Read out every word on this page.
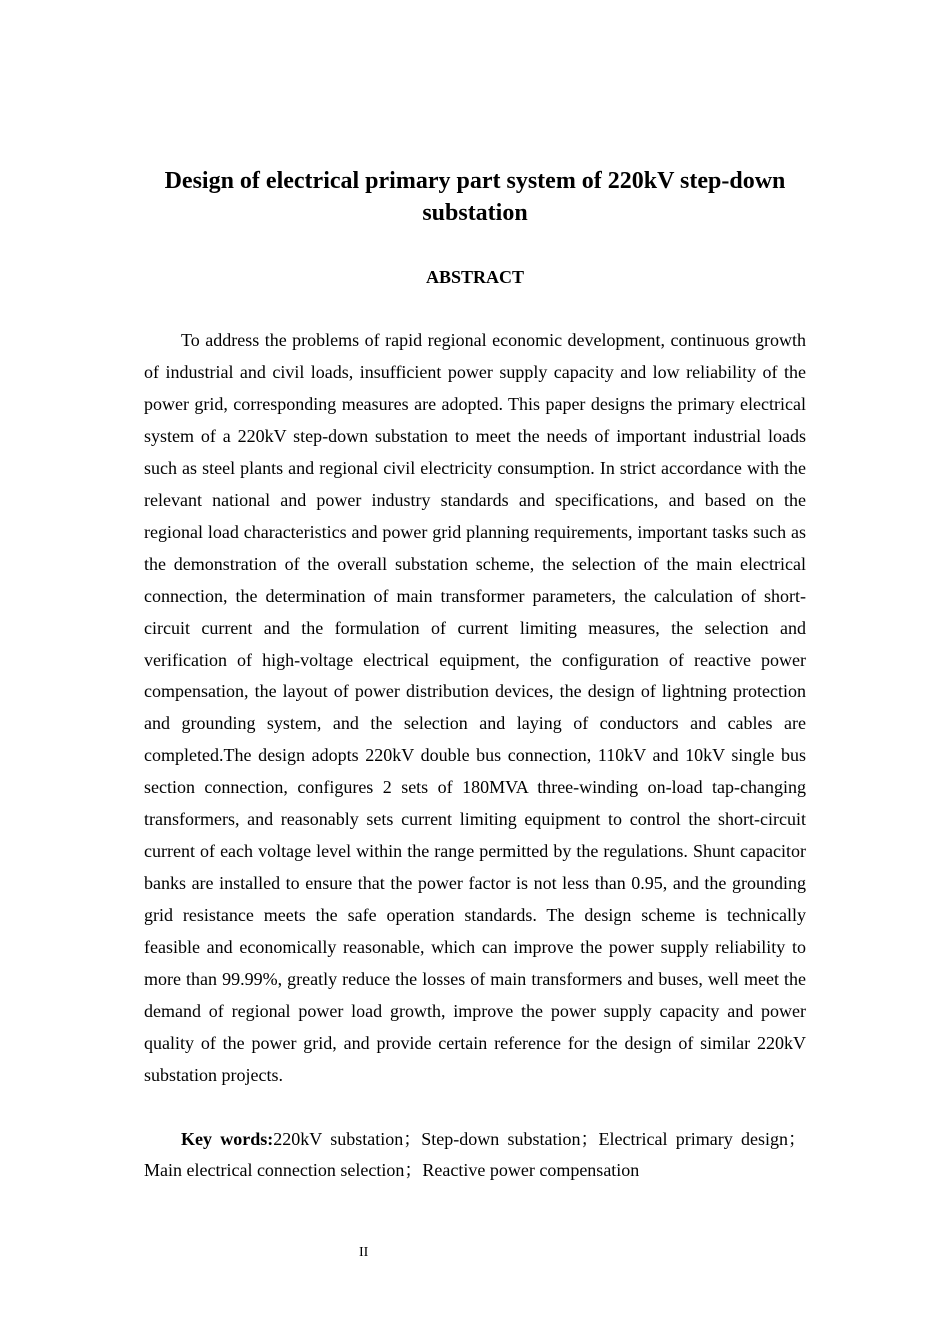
Design of electrical primary part system of 220kV step-down substation
ABSTRACT

To address the problems of rapid regional economic development, continuous growth of industrial and civil loads, insufficient power supply capacity and low reliability of the power grid, corresponding measures are adopted. This paper designs the primary electrical system of a 220kV step-down substation to meet the needs of important industrial loads such as steel plants and regional civil electricity consumption. In strict accordance with the relevant national and power industry standards and specifications, and based on the regional load characteristics and power grid planning requirements, important tasks such as the demonstration of the overall substation scheme, the selection of the main electrical connection, the determination of main transformer parameters, the calculation of short-circuit current and the formulation of current limiting measures, the selection and verification of high-voltage electrical equipment, the configuration of reactive power compensation, the layout of power distribution devices, the design of lightning protection and grounding system, and the selection and laying of conductors and cables are completed.The design adopts 220kV double bus connection, 110kV and 10kV single bus section connection, configures 2 sets of 180MVA three-winding on-load tap-changing transformers, and reasonably sets current limiting equipment to control the short-circuit current of each voltage level within the range permitted by the regulations. Shunt capacitor banks are installed to ensure that the power factor is not less than 0.95, and the grounding grid resistance meets the safe operation standards. The design scheme is technically feasible and economically reasonable, which can improve the power supply reliability to more than 99.99%, greatly reduce the losses of main transformers and buses, well meet the demand of regional power load growth, improve the power supply capacity and power quality of the power grid, and provide certain reference for the design of similar 220kV substation projects.

Key words:220kV substation；Step-down substation；Electrical primary design；Main electrical connection selection；Reactive power compensation

II
